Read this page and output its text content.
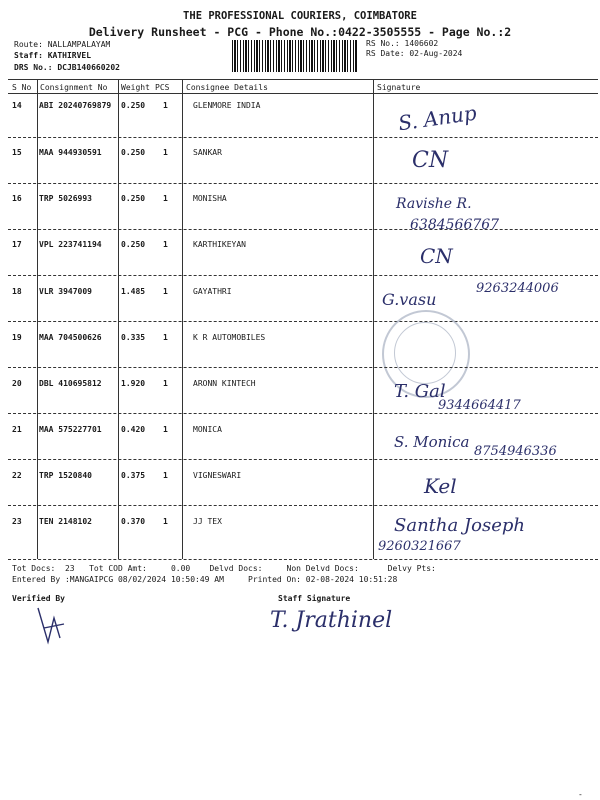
THE PROFESSIONAL COURIERS, COIMBATORE
Delivery Runsheet - PCG - Phone No.:0422-3505555 - Page No.:2
Route: NALLAMPALAYAM
Staff: KATHIRVEL
DRS No.: DCJB140660202
RS No.: 1406602
RS Date: 02-Aug-2024
S No Consignment No Weight PCS Consignee Details	Signature
14 ABI 20240769879 0.250 1	GLENMORE INDIA	S. Anup
15 MAA 944930591 0.250 1	SANKAR	CN
16 TRP 5026993	0.250 1	MONISHA	Ravishe R.
6384566767
17 VPL 223741194 0.250 1	KARTHIKEYAN	CN
18 VLR 3947009	1.485 1	GAYATHRI	G.vasu
9263244006
19 MAA 704500626 0.335 1	K R AUTOMOBILES
20 DBL 410695812 1.920 1	ARONN KINTECH	T. Gal
9344664417
21 MAA 575227701 0.420 1	MONICA
S. Monica
8754946336
22 TRP 1520840	0.375 1	VIGNESWARI	Kel
23 TEN 2148102	0.370 1	JJ TEX	Santha Joseph
9260321667
Tot Docs:  23   Tot COD Amt:     0.00    Delvd Docs:     Non Delvd Docs:      Delvy Pts:
Entered By :MANGAIPCG 08/02/2024 10:50:49 AM     Printed On: 02-08-2024 10:51:28
Verified By	Staff Signature
T. Jrathinel
-
